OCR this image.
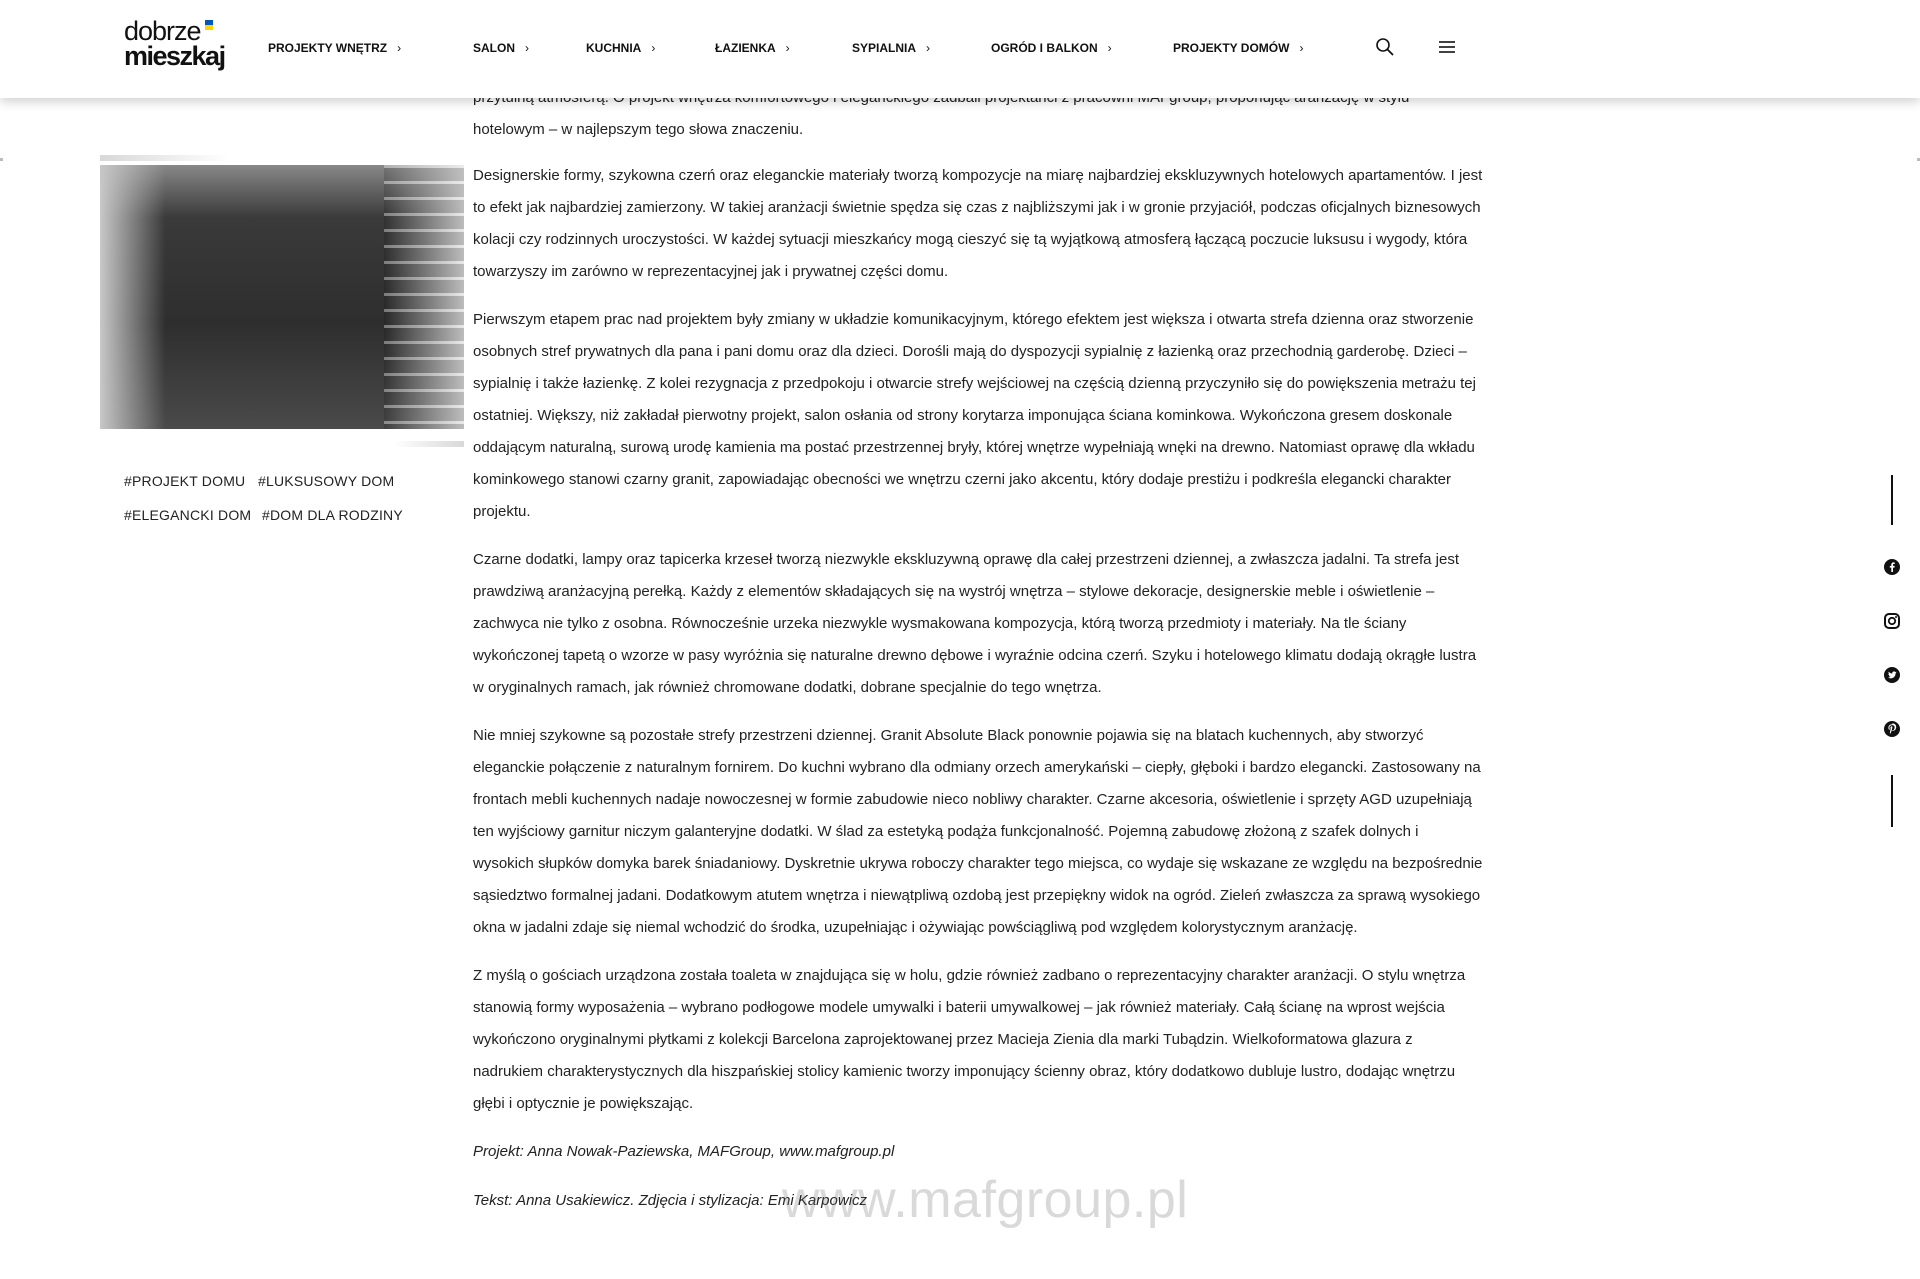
dobrze
mieszkaj	PROJEKTY WNĘTRZ ›	SALON ›	KUCHNIA ›	ŁAZIENKA ›	SYPIALNIA ›	OGRÓD I BALKON ›	PROJEKTY DOMÓW ›

hotelowym – w najlepszym tego słowa znaczeniu.

#PROJEKT DOMU #LUKSUSOWY DOM
#ELEGANCKI DOM #DOM DLA RODZINY

Designerskie formy, szykowna czerń oraz eleganckie materiały tworzą kompozycje na miarę najbardziej ekskluzywnych hotelowych apartamentów. I jest to efekt jak najbardziej zamierzony. W takiej aranżacji świetnie spędza się czas z najbliższymi jak i w gronie przyjaciół, podczas oficjalnych biznesowych kolacji czy rodzinnych uroczystości. W każdej sytuacji mieszkańcy mogą cieszyć się tą wyjątkową atmosferą łączącą poczucie luksusu i wygody, która towarzyszy im zarówno w reprezentacyjnej jak i prywatnej części domu.

Pierwszym etapem prac nad projektem były zmiany w układzie komunikacyjnym, którego efektem jest większa i otwarta strefa dzienna oraz stworzenie osobnych stref prywatnych dla pana i pani domu oraz dla dzieci. Dorośli mają do dyspozycji sypialnię z łazienką oraz przechodnią garderobę. Dzieci – sypialnię i także łazienkę. Z kolei rezygnacja z przedpokoju i otwarcie strefy wejściowej na częścią dzienną przyczyniło się do powiększenia metrażu tej ostatniej. Większy, niż zakładał pierwotny projekt, salon osłania od strony korytarza imponująca ściana kominkowa. Wykończona gresem doskonale oddającym naturalną, surową urodę kamienia ma postać przestrzennej bryły, której wnętrze wypełniają wnęki na drewno. Natomiast oprawę dla wkładu kominkowego stanowi czarny granit, zapowiadając obecności we wnętrzu czerni jako akcentu, który dodaje prestiżu i podkreśla elegancki charakter projektu.

Czarne dodatki, lampy oraz tapicerka krzeseł tworzą niezwykle ekskluzywną oprawę dla całej przestrzeni dziennej, a zwłaszcza jadalni. Ta strefa jest prawdziwą aranżacyjną perełką. Każdy z elementów składających się na wystrój wnętrza – stylowe dekoracje, designerskie meble i oświetlenie – zachwyca nie tylko z osobna. Równocześnie urzeka niezwykle wysmakowana kompozycja, którą tworzą przedmioty i materiały. Na tle ściany wykończonej tapetą o wzorze w pasy wyróżnia się naturalne drewno dębowe i wyraźnie odcina czerń. Szyku i hotelowego klimatu dodają okrągłe lustra w oryginalnych ramach, jak również chromowane dodatki, dobrane specjalnie do tego wnętrza.

Nie mniej szykowne są pozostałe strefy przestrzeni dziennej. Granit Absolute Black ponownie pojawia się na blatach kuchennych, aby stworzyć eleganckie połączenie z naturalnym fornirem. Do kuchni wybrano dla odmiany orzech amerykański – ciepły, głęboki i bardzo elegancki. Zastosowany na frontach mebli kuchennych nadaje nowoczesnej w formie zabudowie nieco nobliwy charakter. Czarne akcesoria, oświetlenie i sprzęty AGD uzupełniają ten wyjściowy garnitur niczym galanteryjne dodatki. W ślad za estetyką podąża funkcjonalność. Pojemną zabudowę złożoną z szafek dolnych i wysokich słupków domyka barek śniadaniowy. Dyskretnie ukrywa roboczy charakter tego miejsca, co wydaje się wskazane ze względu na bezpośrednie sąsiedztwo formalnej jadani. Dodatkowym atutem wnętrza i niewątpliwą ozdobą jest przepiękny widok na ogród. Zieleń zwłaszcza za sprawą wysokiego okna w jadalni zdaje się niemal wchodzić do środka, uzupełniając i ożywiając powściągliwą pod względem kolorystycznym aranżację.

Z myślą o gościach urządzona została toaleta w znajdująca się w holu, gdzie również zadbano o reprezentacyjny charakter aranżacji. O stylu wnętrza stanowią formy wyposażenia – wybrano podłogowe modele umywalki i baterii umywalkowej – jak również materiały. Całą ścianę na wprost wejścia wykończono oryginalnymi płytkami z kolekcji Barcelona zaprojektowanej przez Macieja Zienia dla marki Tubądzin. Wielkoformatowa glazura z nadrukiem charakterystycznych dla hiszpańskiej stolicy kamienic tworzy imponujący ścienny obraz, który dodatkowo dubluje lustro, dodając wnętrzu głębi i optycznie je powiększając.

Projekt: Anna Nowak-Paziewska, MAFGroup, www.mafgroup.pl

Tekst: Anna Usakiewicz. Zdjęcia i stylizacja: Emi Karpowicz

www.mafgroup.pl
